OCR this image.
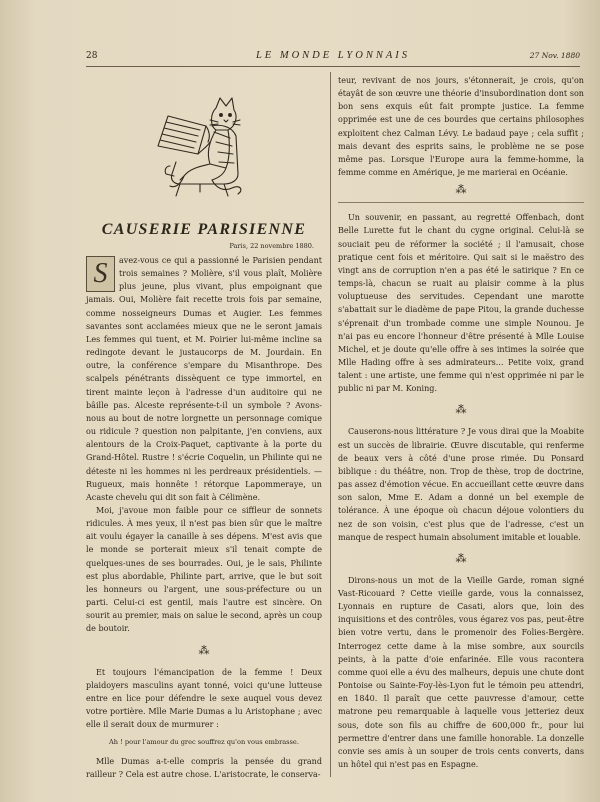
28	LE MONDE LYONNAIS	27 Nov. 1880
CAUSERIE PARISIENNE

Paris, 22 novembre 1880.

S	avez-vous ce qui a passionné le Parisien pendant trois semaines ? Molière, s'il vous plaît, Molière plus jeune, plus vivant, plus empoignant que jamais. Oui, Molière fait recette trois fois par semaine, comme nosseigneurs Dumas et Augier. Les femmes savantes sont acclamées mieux que ne le seront jamais Les femmes qui tuent, et M. Poirier lui-même incline sa redingote devant le justaucorps de M. Jourdain. En outre, la conférence s'empare du Misanthrope. Des scalpels pénétrants dissèquent ce type immortel, en tirent mainte leçon à l'adresse d'un auditoire qui ne bâille pas. Alceste représente-t-il un symbole ? Avons-nous au bout de notre lorgnette un personnage comique ou ridicule ? question non palpitante, j'en conviens, aux alentours de la Croix-Paquet, captivante à la porte du Grand-Hôtel. Rustre ! s'écrie Coquelin, un Philinte qui ne déteste ni les hommes ni les perdreaux présidentiels. — Rugueux, mais honnête ! rétorque Lapommeraye, un Acaste chevelu qui dit son fait à Célimène.

Moi, j'avoue mon faible pour ce siffleur de sonnets ridicules. À mes yeux, il n'est pas bien sûr que le maître ait voulu égayer la canaille à ses dépens. M'est avis que le monde se porterait mieux s'il tenait compte de quelques-unes de ses bourrades. Oui, je le sais, Philinte est plus abordable, Philinte part, arrive, que le but soit les honneurs ou l'argent, une sous-préfecture ou un parti. Celui-ci est gentil, mais l'autre est sincère. On sourit au premier, mais on salue le second, après un coup de boutoir.

⁂

Et toujours l'émancipation de la femme ! Deux plaidoyers masculins ayant tonné, voici qu'une lutteuse entre en lice pour défendre le sexe auquel vous devez votre portière. Mlle Marie Dumas a lu Aristophane ; avec elle il serait doux de murmurer :

Ah ! pour l'amour du grec souffrez qu'on vous embrasse.

Mlle Dumas a-t-elle compris la pensée du grand railleur ? Cela est autre chose. L'aristocrate, le conserva-

teur, revivant de nos jours, s'étonnerait, je crois, qu'on étayât de son œuvre une théorie d'insubordination dont son bon sens exquis eût fait prompte justice. La femme opprimée est une de ces bourdes que certains philosophes exploitent chez Calman Lévy. Le badaud paye ; cela suffit ; mais devant des esprits sains, le problème ne se pose même pas. Lorsque l'Europe aura la femme-homme, la femme comme en Amérique, je me marierai en Océanie.

⁂

Un souvenir, en passant, au regretté Offenbach, dont Belle Lurette fut le chant du cygne original. Celui-là se souciait peu de réformer la société ; il l'amusait, chose pratique cent fois et méritoire. Qui sait si le maëstro des vingt ans de corruption n'en a pas été le satirique ? En ce temps-là, chacun se ruait au plaisir comme à la plus voluptueuse des servitudes. Cependant une marotte s'abattait sur le diadème de pape Pitou, la grande duchesse s'éprenait d'un trombade comme une simple Nounou. Je n'ai pas eu encore l'honneur d'être présenté à Mlle Louise Michel, et je doute qu'elle offre à ses intimes la soirée que Mlle Hading offre à ses admirateurs... Petite voix, grand talent : une artiste, une femme qui n'est opprimée ni par le public ni par M. Koning.

⁂

Causerons-nous littérature ? Je vous dirai que la Moabite est un succès de librairie. Œuvre discutable, qui renferme de beaux vers à côté d'une prose rimée. Du Ponsard biblique : du théâtre, non. Trop de thèse, trop de doctrine, pas assez d'émotion vécue. En accueillant cette œuvre dans son salon, Mme E. Adam a donné un bel exemple de tolérance. À une époque où chacun déjoue volontiers du nez de son voisin, c'est plus que de l'adresse, c'est un manque de respect humain absolument imitable et louable.

⁂

Dirons-nous un mot de la Vieille Garde, roman signé Vast-Ricouard ? Cette vieille garde, vous la connaissez, Lyonnais en rupture de Casati, alors que, loin des inquisitions et des contrôles, vous égarez vos pas, peut-être bien votre vertu, dans le promenoir des Folies-Bergère. Interrogez cette dame à la mise sombre, aux sourcils peints, à la patte d'oie enfarinée. Elle vous racontera comme quoi elle a évu des malheurs, depuis une chute dont Pontoise ou Sainte-Foy-lès-Lyon fut le témoin peu attendri, en 1840. Il paraît que cette pauvresse d'amour, cette matrone peu remarquable à laquelle vous jetteriez deux sous, dote son fils au chiffre de 600,000 fr., pour lui permettre d'entrer dans une famille honorable. La donzelle convie ses amis à un souper de trois cents converts, dans un hôtel qui n'est pas en Espagne.
